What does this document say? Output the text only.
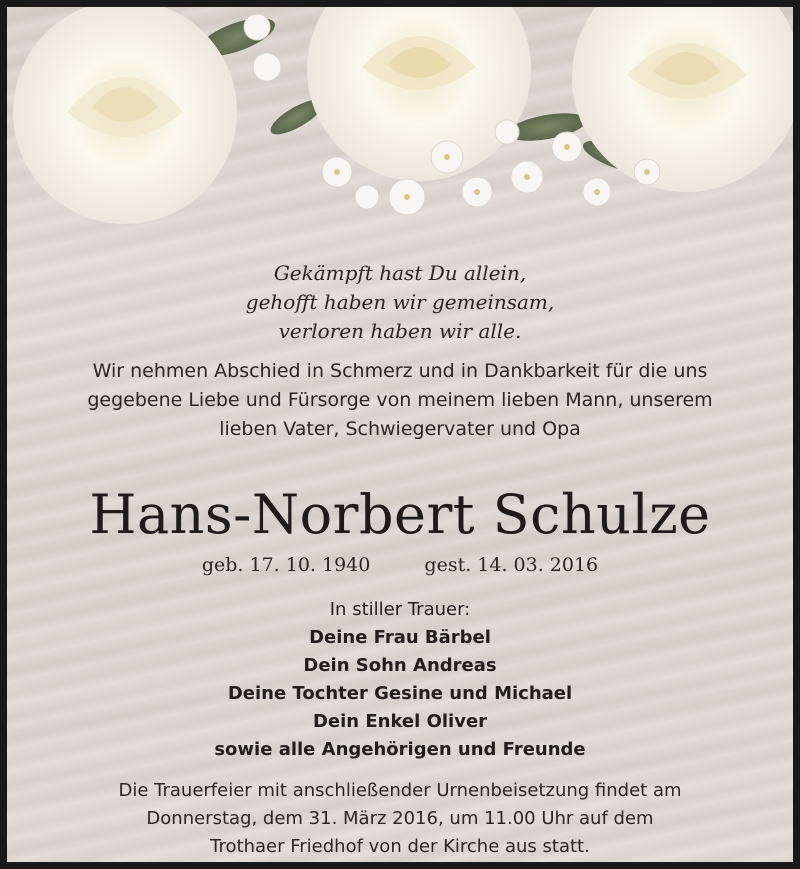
Gekämpft hast Du allein,
gehofft haben wir gemeinsam,
verloren haben wir alle.
Wir nehmen Abschied in Schmerz und in Dankbarkeit für die uns
gegebene Liebe und Fürsorge von meinem lieben Mann, unserem
lieben Vater, Schwiegervater und Opa
Hans-Norbert Schulze
geb. 17. 10. 1940	gest. 14. 03. 2016
In stiller Trauer:
Deine Frau Bärbel
Dein Sohn Andreas
Deine Tochter Gesine und Michael
Dein Enkel Oliver
sowie alle Angehörigen und Freunde
Die Trauerfeier mit anschließender Urnenbeisetzung findet am
Donnerstag, dem 31. März 2016, um 11.00 Uhr auf dem
Trothaer Friedhof von der Kirche aus statt.
